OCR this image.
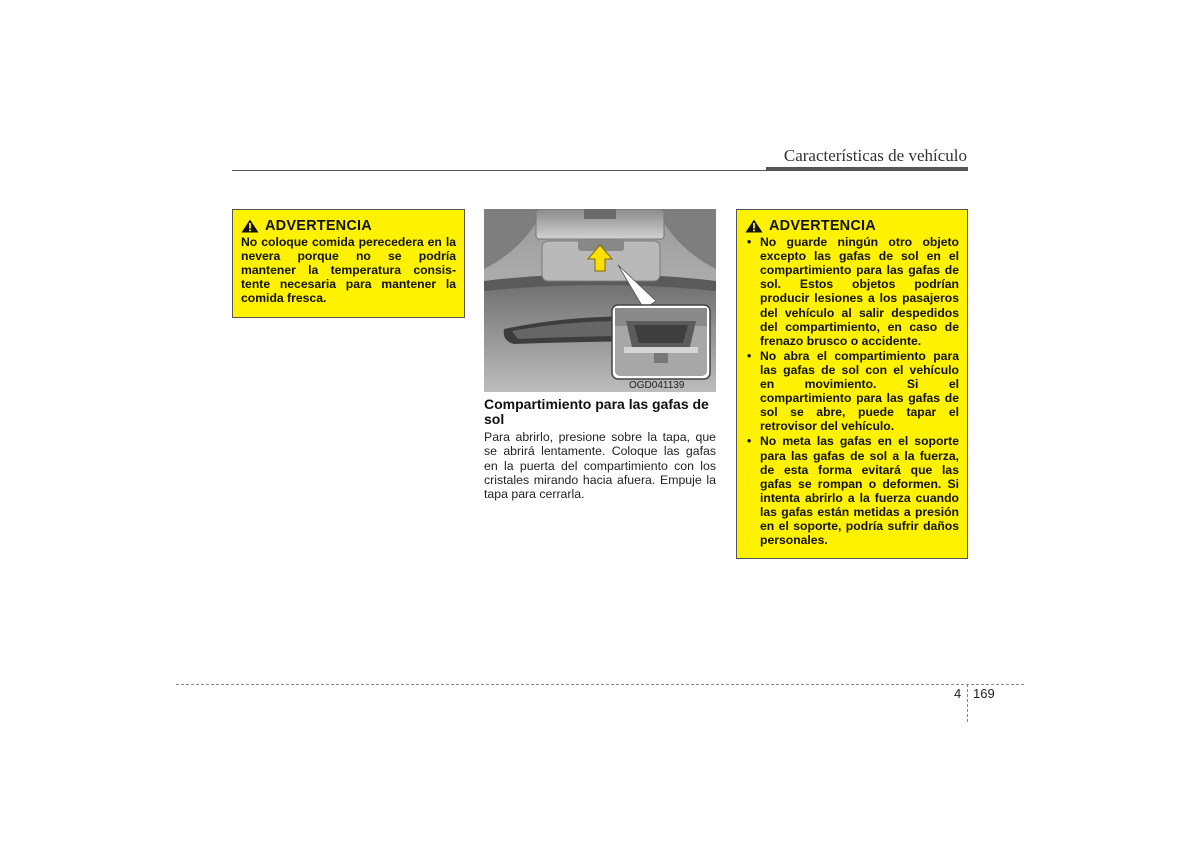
Características de vehículo
ADVERTENCIA
No coloque comida perecedera en la nevera porque no se podría mantener la temperatura consis-tente necesaria para mantener la comida fresca.
OGD041139
Compartimiento para las gafas de sol
Para abrirlo, presione sobre la tapa, que se abrirá lentamente. Coloque las gafas en la puerta del compartimiento con los cristales mirando hacia afuera. Empuje la tapa para cerrarla.
ADVERTENCIA
• No guarde ningún otro objeto excepto las gafas de sol en el compartimiento para las gafas de sol. Estos objetos podrían producir lesiones a los pasajeros del vehículo al salir despedidos del compartimiento, en caso de frenazo brusco o accidente.
• No abra el compartimiento para las gafas de sol con el vehículo en movimiento. Si el compartimiento para las gafas de sol se abre, puede tapar el retrovisor del vehículo.
• No meta las gafas en el soporte para las gafas de sol a la fuerza, de esta forma evitará que las gafas se rompan o deformen. Si intenta abrirlo a la fuerza cuando las gafas están metidas a presión en el soporte, podría sufrir daños personales.
4 169
